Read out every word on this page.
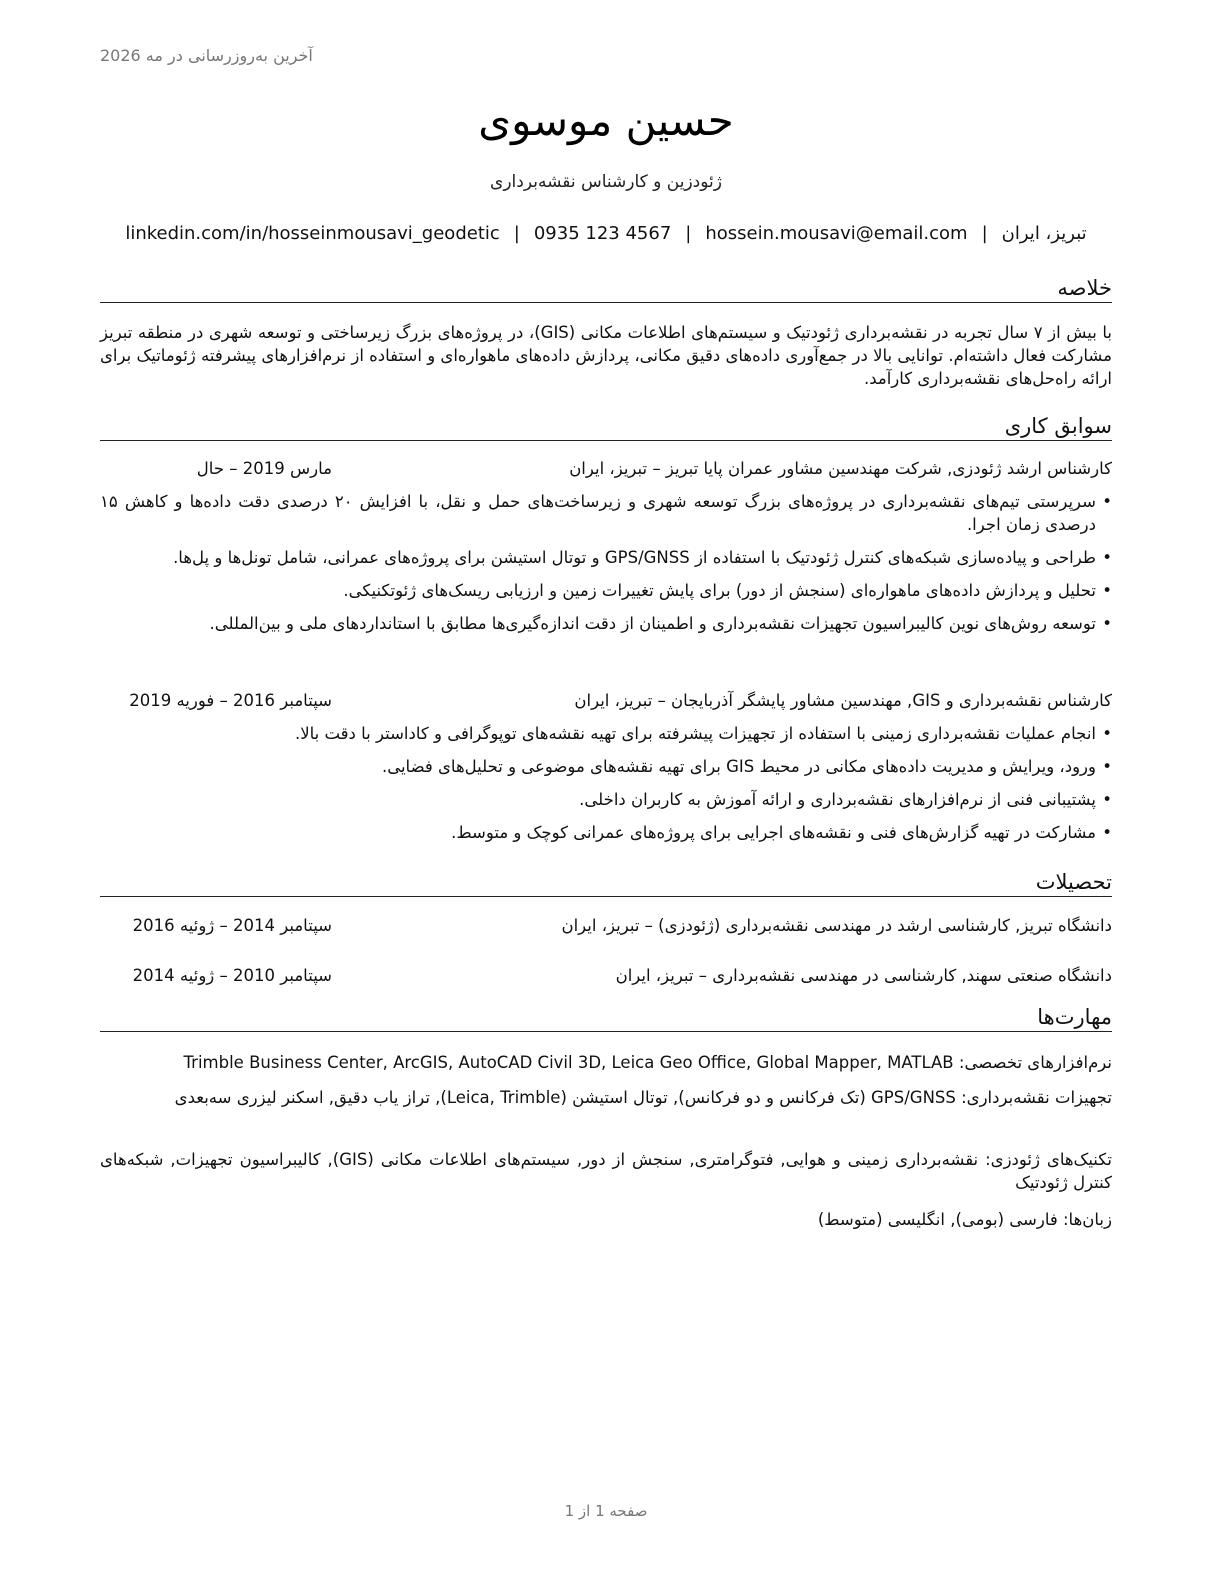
آخرین به‌روزرسانی در مه 2026
حسین موسوی
ژئودزین و کارشناس نقشه‌برداری
تبریز، ایران|hossein.mousavi@email.com|0935 123 4567|linkedin.com/in/hosseinmousavi_geodetic
خلاصه
با بیش از ۷ سال تجربه در نقشه‌برداری ژئودتیک و سیستم‌های اطلاعات مکانی (GIS)، در پروژه‌های بزرگ زیرساختی و توسعه شهری در منطقه تبریز مشارکت فعال داشته‌ام. توانایی بالا در جمع‌آوری داده‌های دقیق مکانی، پردازش داده‌های ماهواره‌ای و استفاده از نرم‌افزارهای پیشرفته ژئوماتیک برای ارائه راه‌حل‌های نقشه‌برداری کارآمد.
سوابق کاری
کارشناس ارشد ژئودزی, شرکت مهندسین مشاور عمران پایا تبریز – تبریز، ایران
مارس 2019 – حال
• سرپرستی تیم‌های نقشه‌برداری در پروژه‌های بزرگ توسعه شهری و زیرساخت‌های حمل و نقل، با افزایش ۲۰ درصدی دقت داده‌ها و کاهش ۱۵ درصدی زمان اجرا.
• طراحی و پیاده‌سازی شبکه‌های کنترل ژئودتیک با استفاده از GPS/GNSS و توتال استیشن برای پروژه‌های عمرانی، شامل تونل‌ها و پل‌ها.
• تحلیل و پردازش داده‌های ماهواره‌ای (سنجش از دور) برای پایش تغییرات زمین و ارزیابی ریسک‌های ژئوتکنیکی.
• توسعه روش‌های نوین کالیبراسیون تجهیزات نقشه‌برداری و اطمینان از دقت اندازه‌گیری‌ها مطابق با استانداردهای ملی و بین‌المللی.
کارشناس نقشه‌برداری و GIS, مهندسین مشاور پایشگر آذربایجان – تبریز، ایران
سپتامبر 2016 – فوریه 2019
• انجام عملیات نقشه‌برداری زمینی با استفاده از تجهیزات پیشرفته برای تهیه نقشه‌های توپوگرافی و کاداستر با دقت بالا.
• ورود، ویرایش و مدیریت داده‌های مکانی در محیط GIS برای تهیه نقشه‌های موضوعی و تحلیل‌های فضایی.
• پشتیبانی فنی از نرم‌افزارهای نقشه‌برداری و ارائه آموزش به کاربران داخلی.
• مشارکت در تهیه گزارش‌های فنی و نقشه‌های اجرایی برای پروژه‌های عمرانی کوچک و متوسط.
تحصیلات
دانشگاه تبریز, کارشناسی ارشد در مهندسی نقشه‌برداری (ژئودزی) – تبریز، ایران
سپتامبر 2014 – ژوئیه 2016
دانشگاه صنعتی سهند, کارشناسی در مهندسی نقشه‌برداری – تبریز، ایران
سپتامبر 2010 – ژوئیه 2014
مهارت‌ها
نرم‌افزارهای تخصصی: Trimble Business Center, ArcGIS, AutoCAD Civil 3D, Leica Geo Office, Global Mapper, MATLAB
تجهیزات نقشه‌برداری: GPS/GNSS (تک فرکانس و دو فرکانس), توتال استیشن (Leica, Trimble), تراز یاب دقیق, اسکنر لیزری سه‌بعدی
تکنیک‌های ژئودزی: نقشه‌برداری زمینی و هوایی, فتوگرامتری, سنجش از دور, سیستم‌های اطلاعات مکانی (GIS), کالیبراسیون تجهیزات, شبکه‌های کنترل ژئودتیک
زبان‌ها: فارسی (بومی), انگلیسی (متوسط)
صفحه 1 از 1
